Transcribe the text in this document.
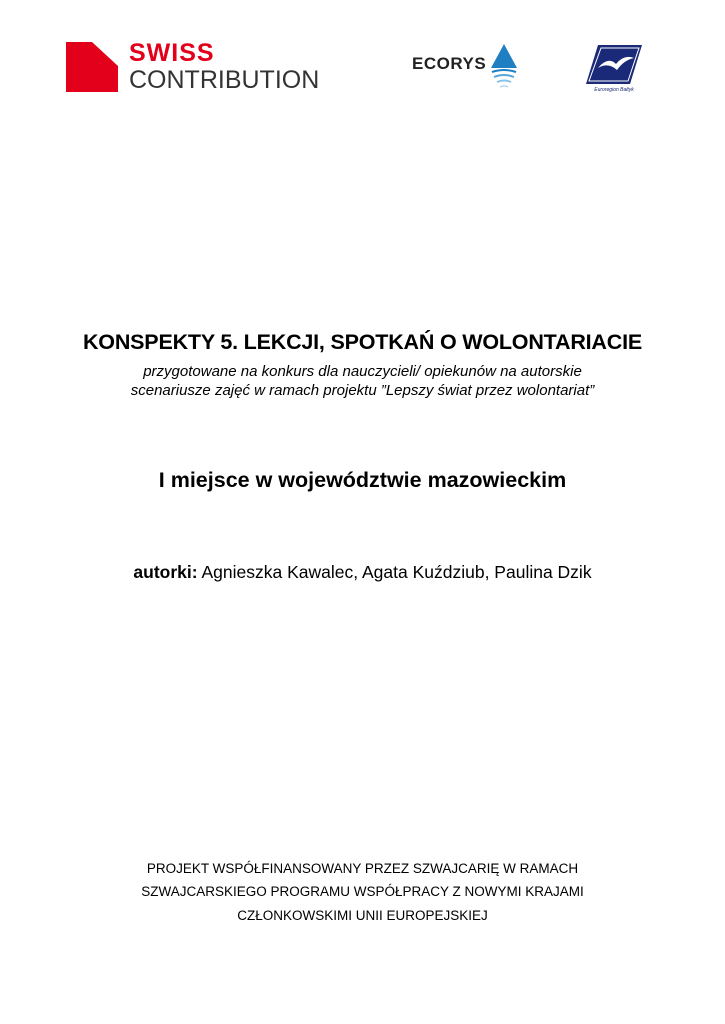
SWISS
CONTRIBUTION
ECORYS
Euroregion Bałtyk
KONSPEKTY 5. LEKCJI, SPOTKAŃ O WOLONTARIACIE
przygotowane na konkurs dla nauczycieli/ opiekunów na autorskie
scenariusze zajęć w ramach projektu ”Lepszy świat przez wolontariat”
I miejsce w województwie mazowieckim
autorki: Agnieszka Kawalec, Agata Kuździub, Paulina Dzik
PROJEKT WSPÓŁFINANSOWANY PRZEZ SZWAJCARIĘ W RAMACH
SZWAJCARSKIEGO PROGRAMU WSPÓŁPRACY Z NOWYMI KRAJAMI
CZŁONKOWSKIMI UNII EUROPEJSKIEJ
